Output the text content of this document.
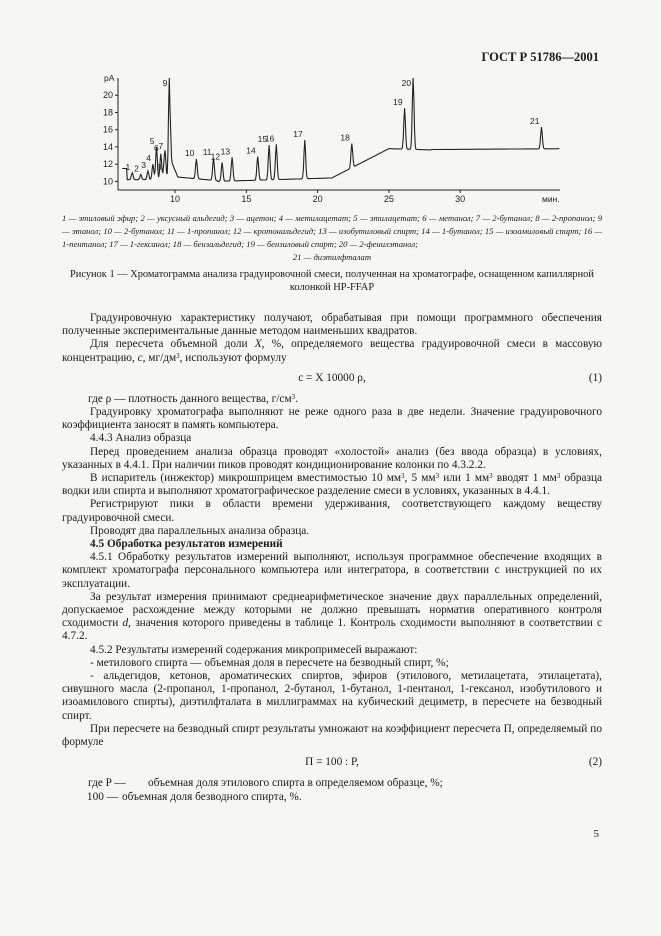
ГОСТ Р 51786—2001
10
12
14
16
18
20
10	15	20	25	30
pA
мин.
1 2 3
4
5
6 7
8
9
10 11 12
13 14
15
16 17	18
19
20
21
1 — этиловый эфир; 2 — уксусный альдегид; 3 — ацетон; 4 — метилацетат; 5 — этилацетат; 6 — метанол; 7 — 2-бутанол; 8 — 2-пропанол; 9 — этанол; 10 — 2-бутанол; 11 — 1-пропанол; 12 — кротональдегид; 13 — изобутиловый спирт; 14 — 1-бутанол; 15 — изоамиловый спирт; 16 — 1-пентанол; 17 — 1-гексанол; 18 — бензальдегид; 19 — бензиловый спирт; 20 — 2-фенилэтанол;
21 — диэтилфталат
Рисунок 1 — Хроматограмма анализа градуировочной смеси, полученная на хроматографе, оснащенном капиллярной колонкой НР-FFAP

Градуировочную характеристику получают, обрабатывая при помощи программного обеспечения полученные экспериментальные данные методом наименьших квадратов.

Для пересчета объемной доли X, %, определяемого вещества градуировочной смеси в массовую концентрацию, c, $мг/дм^3$, используют формулу

c = X 10000 ρ,	(1)

где ρ — плотность данного вещества, $г/см^3$.

Градуировку хроматографа выполняют не реже одного раза в две недели. Значение градуировочного коэффициента заносят в память компьютера.

4.4.3 Анализ образца

Перед проведением анализа образца проводят «холостой» анализ (без ввода образца) в условиях, указанных в 4.4.1. При наличии пиков проводят кондиционирование колонки по 4.3.2.2.

В испаритель (инжектор) микрошприцем вместимостью 10 $мм^3$, 5 $мм^3$ или 1 $мм^3$ вводят 1 $мм^3$ образца водки или спирта и выполняют хроматографическое разделение смеси в условиях, указанных в 4.4.1.

Регистрируют пики в области времени удерживания, соответствующего каждому веществу градуировочной смеси.

Проводят два параллельных анализа образца.

4.5 Обработка результатов измерений

4.5.1 Обработку результатов измерений выполняют, используя программное обеспечение входящих в комплект хроматографа персонального компьютера или интегратора, в соответствии с инструкцией по их эксплуатации.

За результат измерения принимают среднеарифметическое значение двух параллельных определений, допускаемое расхождение между которыми не должно превышать норматив оперативного контроля сходимости d, значения которого приведены в таблице 1. Контроль сходимости выполняют в соответствии с 4.7.2.

4.5.2 Результаты измерений содержания микропримесей выражают:

- метилового спирта — объемная доля в пересчете на безводный спирт, %;

- альдегидов, кетонов, ароматических спиртов, эфиров (этилового, метилацетата, этилацетата), сивушного масла (2-пропанол, 1-пропанол, 2-бутанол, 1-бутанол, 1-пентанол, 1-гексанол, изобутилового и изоамилового спирты), диэтилфталата в миллиграммах на кубический дециметр, в пересчете на безводный спирт.

При пересчете на безводный спирт результаты умножают на коэффициент пересчета П, определяемый по формуле

П = 100 : P,	(2)
где P —	объемная доля этилового спирта в определяемом образце, %;
100 — объемная доля безводного спирта, %.
5
